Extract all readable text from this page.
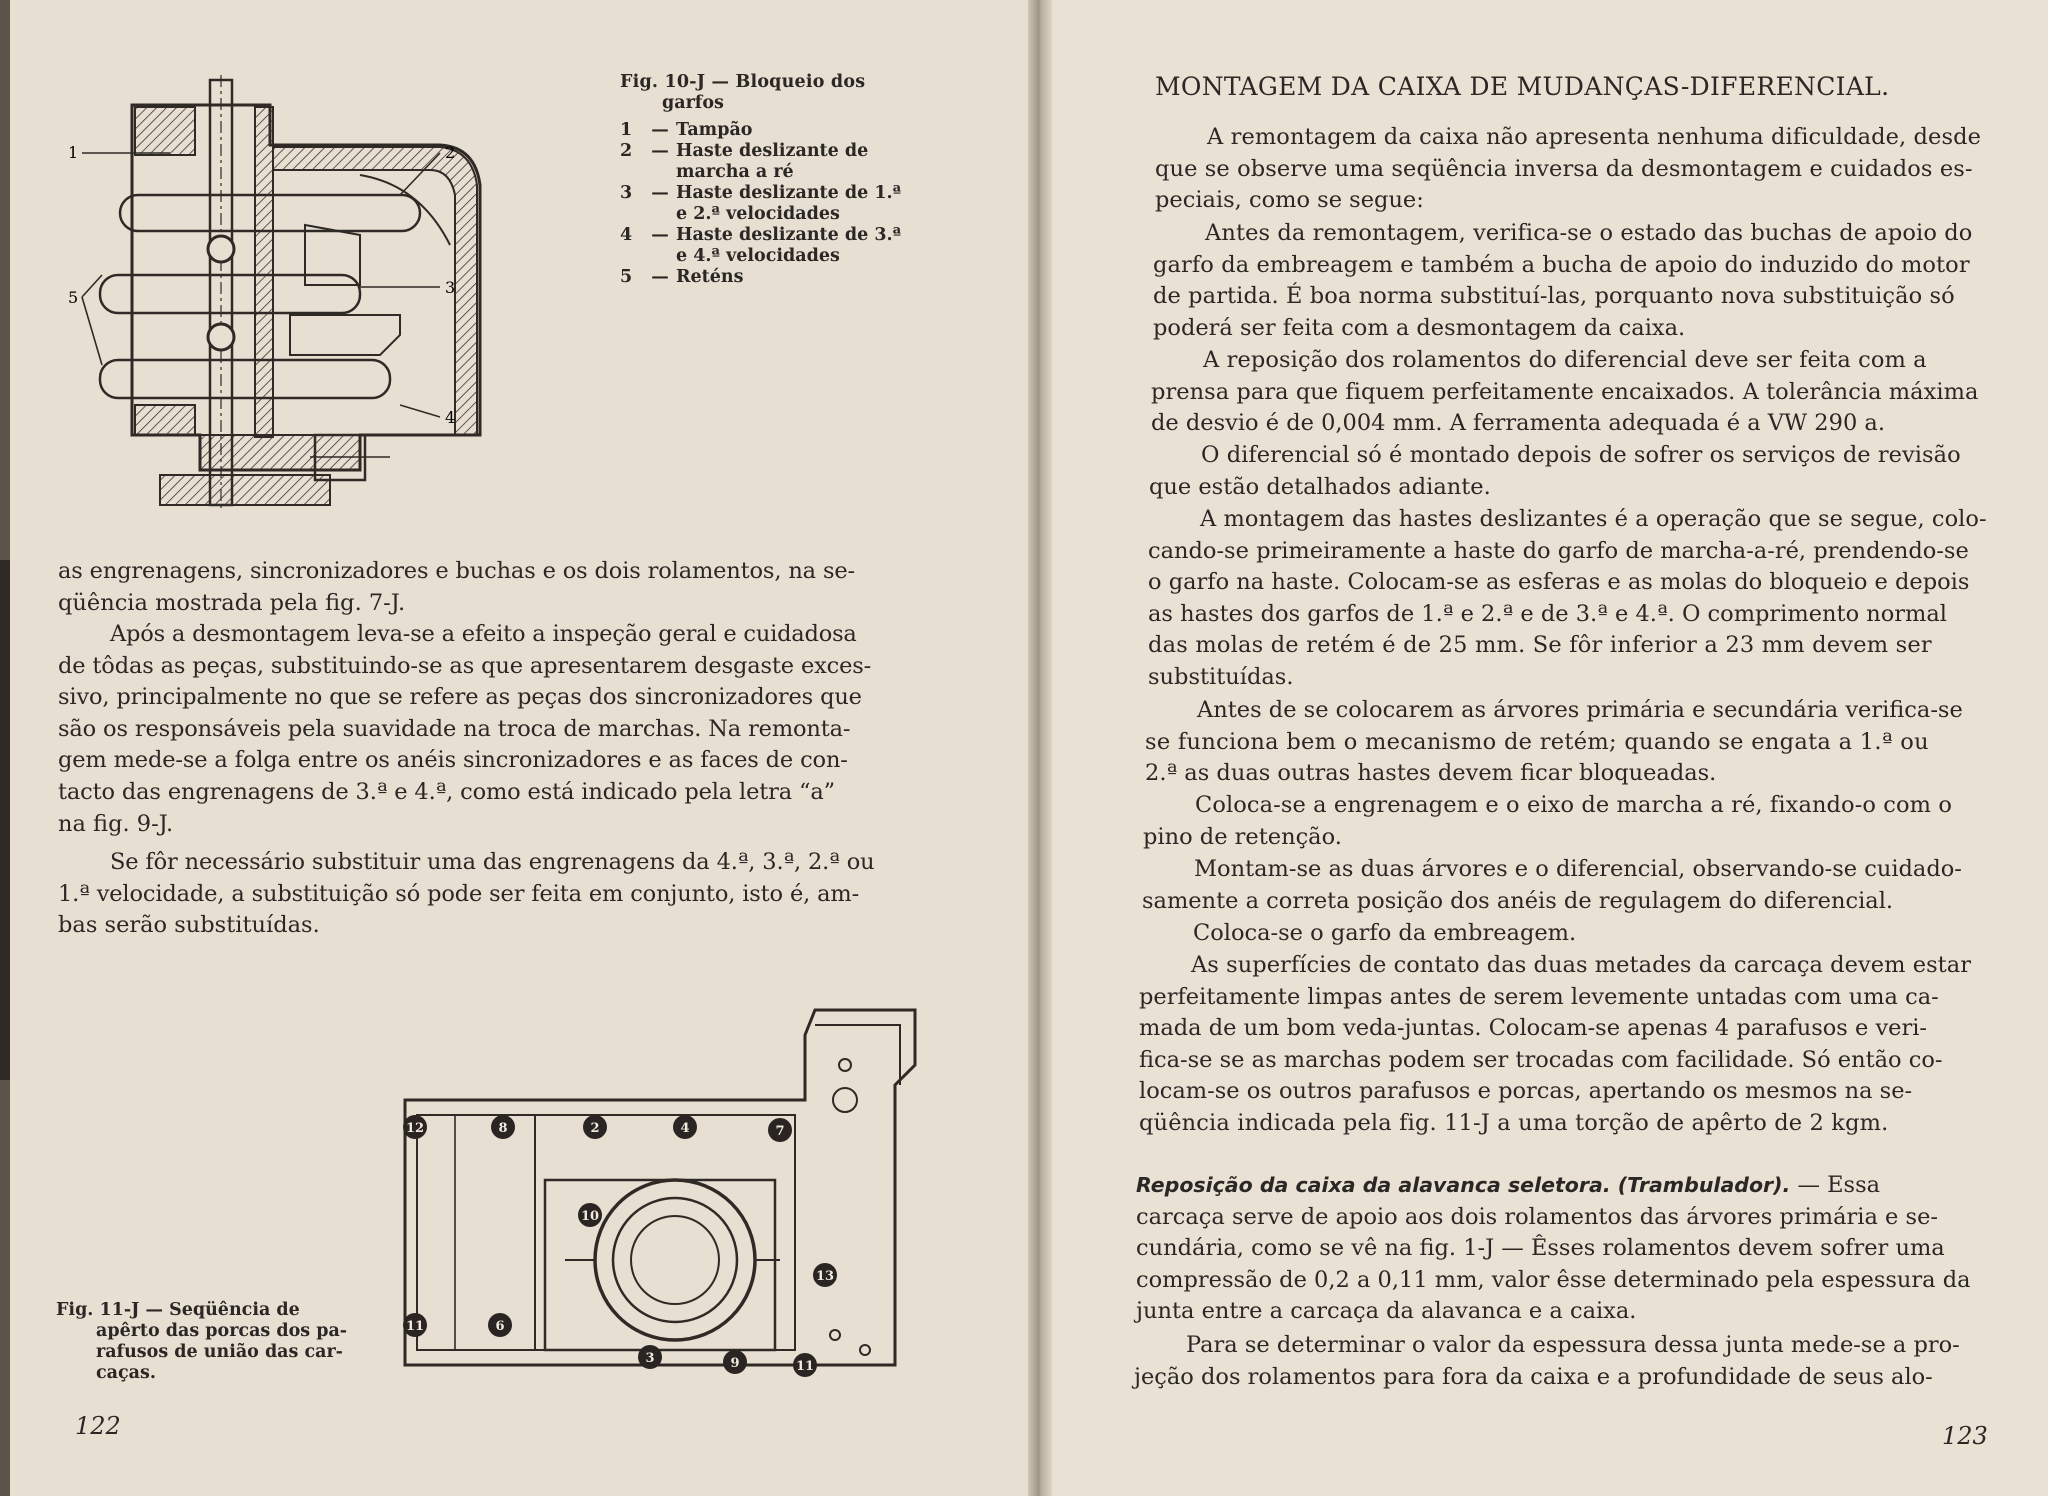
1	2
3
4
5
Fig. 10-J — Bloqueio dos
garfos
1	— Tampão
2	— Haste deslizante de
marcha a ré
3	— Haste deslizante de 1.ª
e 2.ª velocidades
4	— Haste deslizante de 3.ª
e 4.ª velocidades
5	— Reténs
as engrenagens, sincronizadores e buchas e os dois rolamentos, na se-
qüência mostrada pela fig. 7-J.
Após a desmontagem leva-se a efeito a inspeção geral e cuidadosa
de tôdas as peças, substituindo-se as que apresentarem desgaste exces-
sivo, principalmente no que se refere as peças dos sincronizadores que
são os responsáveis pela suavidade na troca de marchas. Na remonta-
gem mede-se a folga entre os anéis sincronizadores e as faces de con-
tacto das engrenagens de 3.ª e 4.ª, como está indicado pela letra “a”
na fig. 9-J.
Se fôr necessário substituir uma das engrenagens da 4.ª, 3.ª, 2.ª ou
1.ª velocidade, a substituição só pode ser feita em conjunto, isto é, am-
bas serão substituídas.
12	8	2	4	7
10
13
11	6
3	9	11
Fig. 11-J — Seqüência de
apêrto das porcas dos pa-
rafusos de união das car-
caças.
122
MONTAGEM DA CAIXA DE MUDANÇAS-DIFERENCIAL.
A remontagem da caixa não apresenta nenhuma dificuldade, desde
que se observe uma seqüência inversa da desmontagem e cuidados es-
peciais, como se segue:
Antes da remontagem, verifica-se o estado das buchas de apoio do
garfo da embreagem e também a bucha de apoio do induzido do motor
de partida. É boa norma substituí-las, porquanto nova substituição só
poderá ser feita com a desmontagem da caixa.
A reposição dos rolamentos do diferencial deve ser feita com a
prensa para que fiquem perfeitamente encaixados. A tolerância máxima
de desvio é de 0,004 mm. A ferramenta adequada é a VW 290 a.
O diferencial só é montado depois de sofrer os serviços de revisão
que estão detalhados adiante.
A montagem das hastes deslizantes é a operação que se segue, colo-
cando-se primeiramente a haste do garfo de marcha-a-ré, prendendo-se
o garfo na haste. Colocam-se as esferas e as molas do bloqueio e depois
as hastes dos garfos de 1.ª e 2.ª e de 3.ª e 4.ª. O comprimento normal
das molas de retém é de 25 mm. Se fôr inferior a 23 mm devem ser
substituídas.
Antes de se colocarem as árvores primária e secundária verifica-se
se funciona bem o mecanismo de retém; quando se engata a 1.ª ou
2.ª as duas outras hastes devem ficar bloqueadas.
Coloca-se a engrenagem e o eixo de marcha a ré, fixando-o com o
pino de retenção.
Montam-se as duas árvores e o diferencial, observando-se cuidado-
samente a correta posição dos anéis de regulagem do diferencial.
Coloca-se o garfo da embreagem.
As superfícies de contato das duas metades da carcaça devem estar
perfeitamente limpas antes de serem levemente untadas com uma ca-
mada de um bom veda-juntas. Colocam-se apenas 4 parafusos e veri-
fica-se se as marchas podem ser trocadas com facilidade. Só então co-
locam-se os outros parafusos e porcas, apertando os mesmos na se-
qüência indicada pela fig. 11-J a uma torção de apêrto de 2 kgm.
Reposição da caixa da alavanca seletora. (Trambulador). — Essa
carcaça serve de apoio aos dois rolamentos das árvores primária e se-
cundária, como se vê na fig. 1-J — Êsses rolamentos devem sofrer uma
compressão de 0,2 a 0,11 mm, valor êsse determinado pela espessura da
junta entre a carcaça da alavanca e a caixa.
Para se determinar o valor da espessura dessa junta mede-se a pro-
jeção dos rolamentos para fora da caixa e a profundidade de seus alo-
123
